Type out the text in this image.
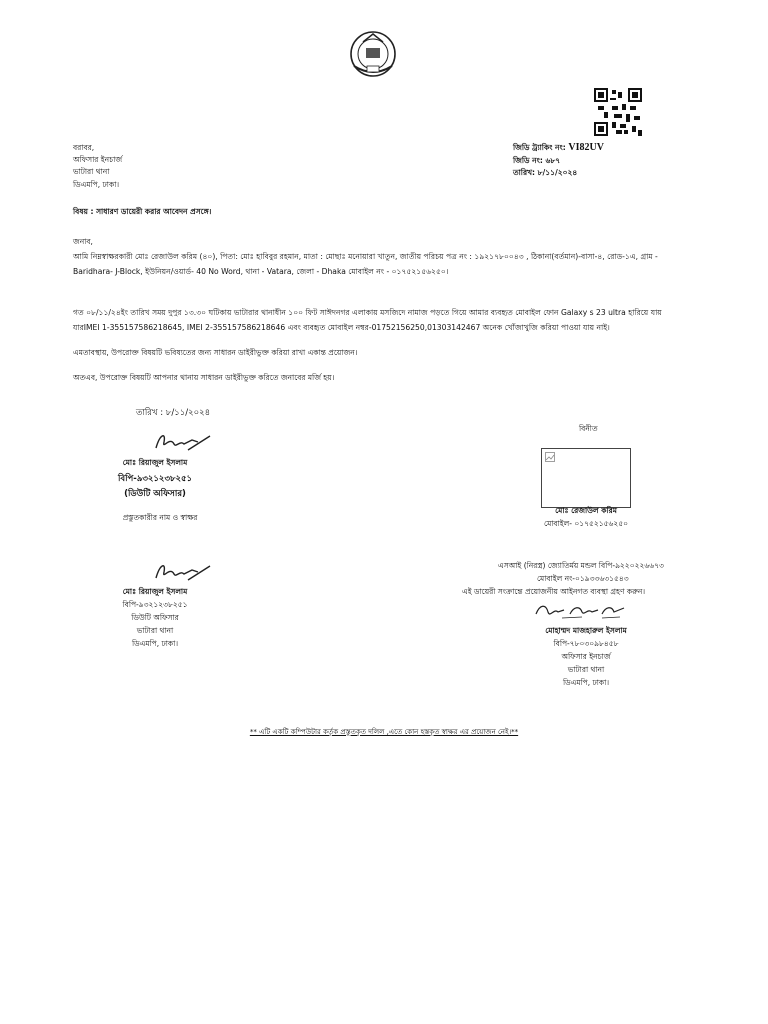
বরাবর,
অফিসার ইনচার্জ
ভাটারা থানা
ডিএমপি, ঢাকা।
জিডি ট্র্যাকিং নং: VI82UV
জিডি নং: ৬৮৭
তারিখ: ৮/১১/২০২৪
বিষয় : সাধারণ ডায়েরী করার আবেদন প্রসঙ্গে।
জনাব,
আমি নিম্নস্বাক্ষরকারী মোঃ রেজাউল করিম (৪০), পিতা: মোঃ হাবিবুর রহমান, মাতা : মোছাঃ মনোয়ারা খাতুন, জাতীয় পরিচয় পত্র নং : ১৯২১৭৮০০৪৩ , ঠিকানা(বর্তমান)-বাসা-৪, রোড-১এ, গ্রাম -
Baridhara- J-Block, ইউনিয়ন/ওয়ার্ড- 40 No Word, থানা - Vatara, জেলা - Dhaka মোবাইল নং - ০১৭৫২১৫৬২৫০।
গত ০৮/১১/২৪ইং তারিখ সময় দুপুর ১৩.৩০ ঘটিকায় ভাটারার থানাধীন ১০০ ফিট সাঈদনগর এলাকায় মসজিদে নামাজ পড়তে গিয়ে আমার ব্যবহৃত মোবাইল ফোন Galaxy s 23 ultra হারিয়ে যায়
যারIMEI 1-355157586218645, IMEI 2-355157586218646 এবং ব্যবহৃত মোবাইল নম্বর-01752156250,01303142467 অনেক খোঁজাখুজি করিয়া পাওয়া যায় নাই।
এমতাবস্থায়, উপরোক্ত বিষয়টি ভবিষ্যতের জন্য সাধারন ডাইরীভুক্ত করিয়া রাখা একান্ত প্রয়োজন।
অতএব, উপরোক্ত বিষয়টি আপনার থানায় সাধারন ডাইরীভুক্ত করিতে জনাবের মর্জি হয়।
তারিখ : ৮/১১/২০২৪
মোঃ রিয়াজুল ইসলাম
বিপি-৯৩২১২৩৮২৫১
(ডিউটি অফিসার)
প্রস্তুতকারীর নাম ও স্বাক্ষর
বিনীত
মোঃ রেজাউল করিম
মোবাইল- ০১৭৫২১৫৬২৫০
মোঃ রিয়াজুল ইসলাম
বিপি-৯৩২১২৩৮২৫১
ডিউটি অফিসার
ভাটারা থানা
ডিএমপি, ঢাকা।
এসআই (নিরস্ত্র) জ্যোতির্ময় মন্ডল বিপি-৯২২০২২৬৬৭৩
মোবাইল নং-০১৯৩৩৬৩১৫৪৩
এই ডায়েরী সংক্রান্তে প্রয়োজনীয় আইনগত ব্যবস্থা গ্রহণ করুন।
মোহাম্মদ মাজহারুল ইসলাম
বিপি-৭৮০৩০৯৮৪৫৮
অফিসার ইনচার্জ
ভাটারা থানা
ডিএমপি, ঢাকা।
** এটি একটি কম্পিউটার কর্তৃক প্রস্তুতকৃত দলিল ,এতে কোন হস্তকৃত স্বাক্ষর এর প্রয়োজন নেই।**
